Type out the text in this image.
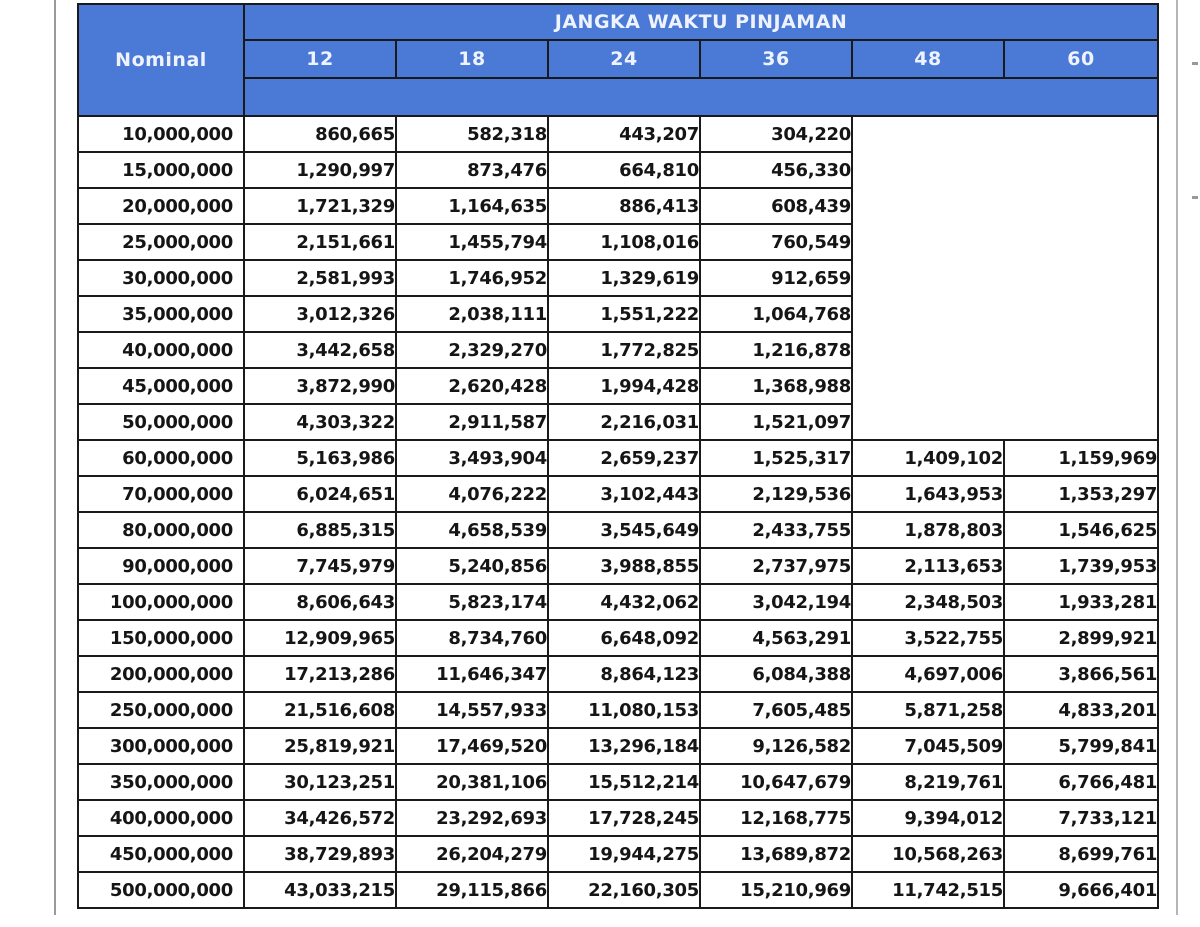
Nominal	JANGKA WAKTU PINJAMAN					
	12	18	24	36	48	60

10,000,000	860,665	582,318	443,207	304,220		
15,000,000	1,290,997	873,476	664,810	456,330		
20,000,000	1,721,329	1,164,635	886,413	608,439		
25,000,000	2,151,661	1,455,794	1,108,016	760,549		
30,000,000	2,581,993	1,746,952	1,329,619	912,659		
35,000,000	3,012,326	2,038,111	1,551,222	1,064,768		
40,000,000	3,442,658	2,329,270	1,772,825	1,216,878		
45,000,000	3,872,990	2,620,428	1,994,428	1,368,988		
50,000,000	4,303,322	2,911,587	2,216,031	1,521,097		
60,000,000	5,163,986	3,493,904	2,659,237	1,525,317	1,409,102	1,159,969
70,000,000	6,024,651	4,076,222	3,102,443	2,129,536	1,643,953	1,353,297
80,000,000	6,885,315	4,658,539	3,545,649	2,433,755	1,878,803	1,546,625
90,000,000	7,745,979	5,240,856	3,988,855	2,737,975	2,113,653	1,739,953
100,000,000	8,606,643	5,823,174	4,432,062	3,042,194	2,348,503	1,933,281
150,000,000	12,909,965	8,734,760	6,648,092	4,563,291	3,522,755	2,899,921
200,000,000	17,213,286	11,646,347	8,864,123	6,084,388	4,697,006	3,866,561
250,000,000	21,516,608	14,557,933	11,080,153	7,605,485	5,871,258	4,833,201
300,000,000	25,819,921	17,469,520	13,296,184	9,126,582	7,045,509	5,799,841
350,000,000	30,123,251	20,381,106	15,512,214	10,647,679	8,219,761	6,766,481
400,000,000	34,426,572	23,292,693	17,728,245	12,168,775	9,394,012	7,733,121
450,000,000	38,729,893	26,204,279	19,944,275	13,689,872	10,568,263	8,699,761
500,000,000	43,033,215	29,115,866	22,160,305	15,210,969	11,742,515	9,666,401
